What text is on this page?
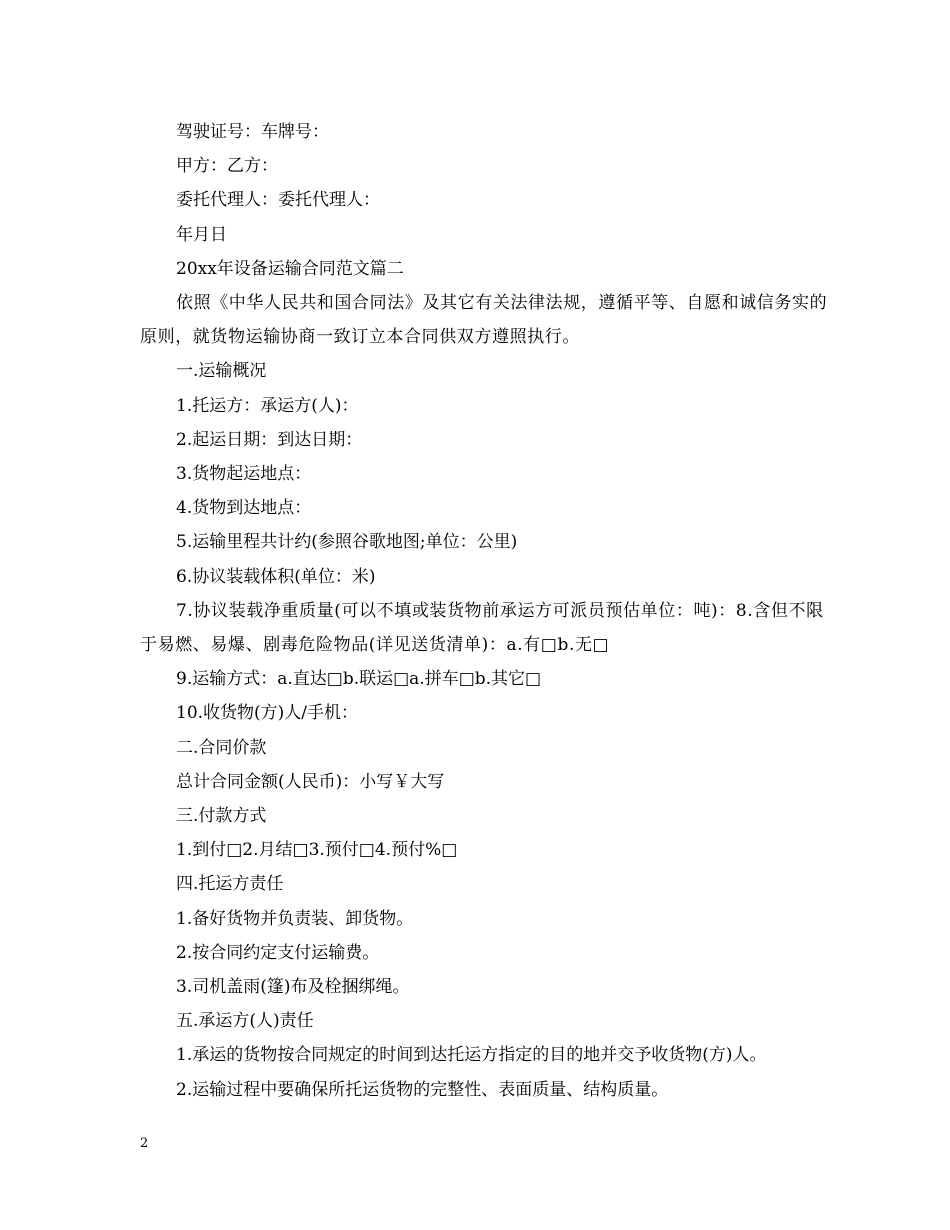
驾驶证号：车牌号：

甲方：乙方：

委托代理人：委托代理人：

年月日

20xx年设备运输合同范文篇二

依照《中华人民共和国合同法》及其它有关法律法规，遵循平等、自愿和诚信务实的原则，就货物运输协商一致订立本合同供双方遵照执行。

一.运输概况

1.托运方：承运方(人)：

2.起运日期：到达日期：

3.货物起运地点：

4.货物到达地点：

5.运输里程共计约(参照谷歌地图;单位：公里)

6.协议装载体积(单位：米)

7.协议装载净重质量(可以不填或装货物前承运方可派员预估单位：吨)：8.含但不限于易燃、易爆、剧毒危险物品(详见送货清单)：a.有□b.无□

9.运输方式：a.直达□b.联运□a.拼车□b.其它□

10.收货物(方)人/手机：

二.合同价款

总计合同金额(人民币)：小写￥大写

三.付款方式

1.到付□2.月结□3.预付□4.预付%□

四.托运方责任

1.备好货物并负责装、卸货物。

2.按合同约定支付运输费。

3.司机盖雨(篷)布及栓捆绑绳。

五.承运方(人)责任

1.承运的货物按合同规定的时间到达托运方指定的目的地并交予收货物(方)人。

2.运输过程中要确保所托运货物的完整性、表面质量、结构质量。

2
